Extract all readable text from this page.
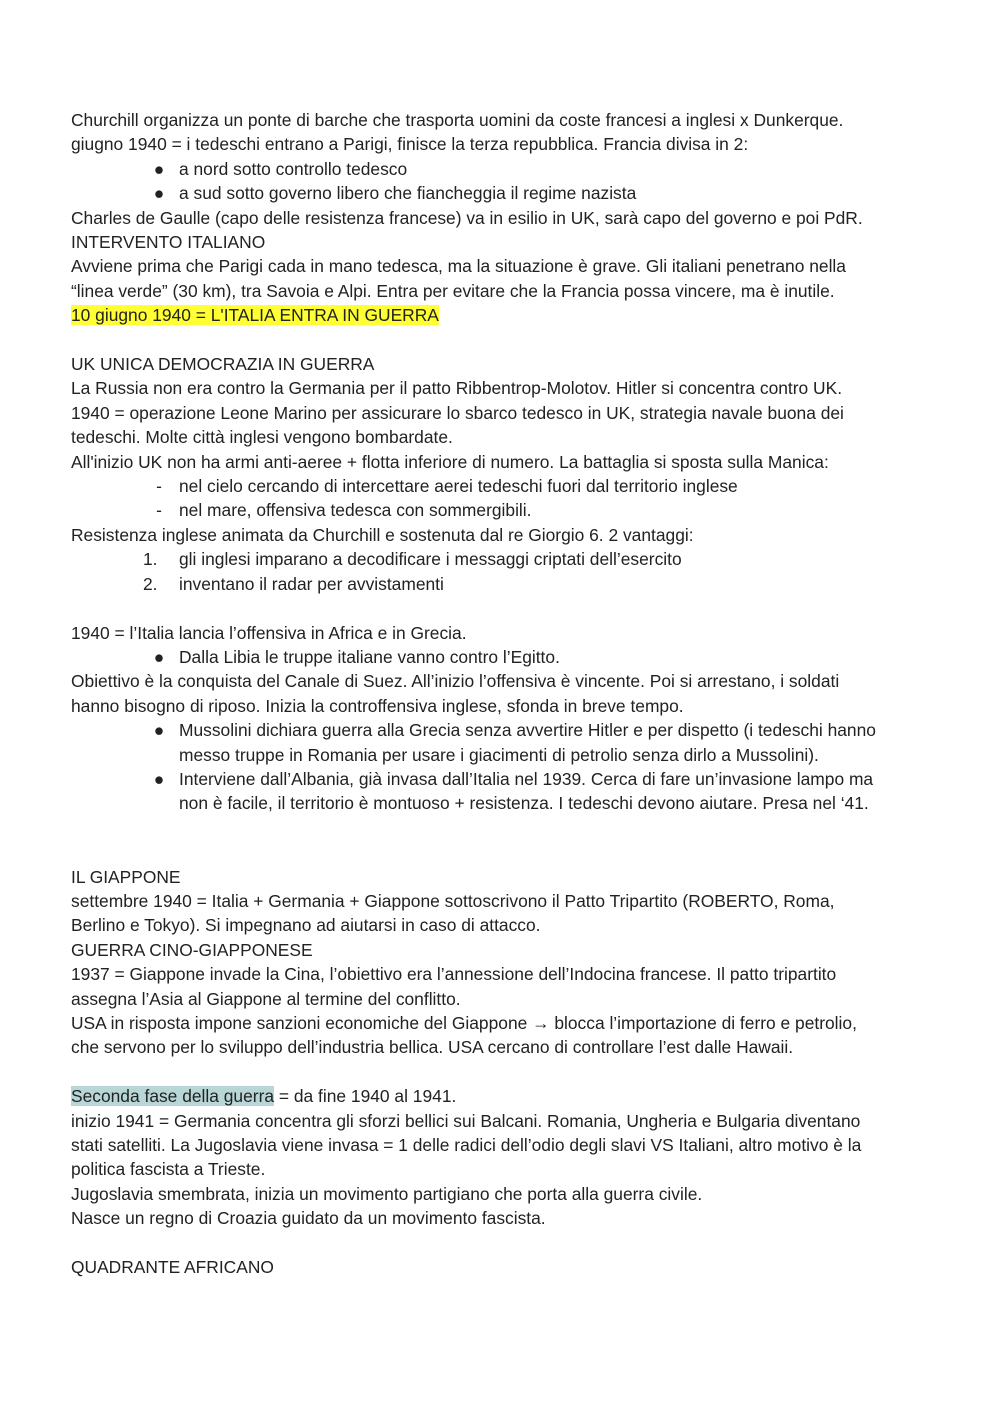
Churchill organizza un ponte di barche che trasporta uomini da coste francesi a inglesi x Dunkerque.
giugno 1940 = i tedeschi entrano a Parigi, finisce la terza repubblica. Francia divisa in 2:
● a nord sotto controllo tedesco
● a sud sotto governo libero che fiancheggia il regime nazista
Charles de Gaulle (capo delle resistenza francese) va in esilio in UK, sarà capo del governo e poi PdR.
INTERVENTO ITALIANO
Avviene prima che Parigi cada in mano tedesca, ma la situazione è grave. Gli italiani penetrano nella
“linea verde” (30 km), tra Savoia e Alpi. Entra per evitare che la Francia possa vincere, ma è inutile.
10 giugno 1940 = L'ITALIA ENTRA IN GUERRA
UK UNICA DEMOCRAZIA IN GUERRA
La Russia non era contro la Germania per il patto Ribbentrop-Molotov. Hitler si concentra contro UK.
1940 = operazione Leone Marino per assicurare lo sbarco tedesco in UK, strategia navale buona dei
tedeschi. Molte città inglesi vengono bombardate.
All'inizio UK non ha armi anti-aeree + flotta inferiore di numero. La battaglia si sposta sulla Manica:
- nel cielo cercando di intercettare aerei tedeschi fuori dal territorio inglese
- nel mare, offensiva tedesca con sommergibili.
Resistenza inglese animata da Churchill e sostenuta dal re Giorgio 6. 2 vantaggi:
1.	gli inglesi imparano a decodificare i messaggi criptati dell’esercito
2.	inventano il radar per avvistamenti
1940 = l’Italia lancia l’offensiva in Africa e in Grecia.
● Dalla Libia le truppe italiane vanno contro l’Egitto.
Obiettivo è la conquista del Canale di Suez. All’inizio l’offensiva è vincente. Poi si arrestano, i soldati
hanno bisogno di riposo. Inizia la controffensiva inglese, sfonda in breve tempo.
● Mussolini dichiara guerra alla Grecia senza avvertire Hitler e per dispetto (i tedeschi hanno
messo truppe in Romania per usare i giacimenti di petrolio senza dirlo a Mussolini).
● Interviene dall’Albania, già invasa dall’Italia nel 1939. Cerca di fare un’invasione lampo ma
non è facile, il territorio è montuoso + resistenza. I tedeschi devono aiutare. Presa nel ‘41.
IL GIAPPONE
settembre 1940 = Italia + Germania + Giappone sottoscrivono il Patto Tripartito (ROBERTO, Roma,
Berlino e Tokyo). Si impegnano ad aiutarsi in caso di attacco.
GUERRA CINO-GIAPPONESE
1937 = Giappone invade la Cina, l’obiettivo era l’annessione dell’Indocina francese. Il patto tripartito
assegna l’Asia al Giappone al termine del conflitto.
USA in risposta impone sanzioni economiche del Giappone → blocca l’importazione di ferro e petrolio,
che servono per lo sviluppo dell’industria bellica. USA cercano di controllare l’est dalle Hawaii.
Seconda fase della guerra = da fine 1940 al 1941.
inizio 1941 = Germania concentra gli sforzi bellici sui Balcani. Romania, Ungheria e Bulgaria diventano
stati satelliti. La Jugoslavia viene invasa = 1 delle radici dell’odio degli slavi VS Italiani, altro motivo è la
politica fascista a Trieste.
Jugoslavia smembrata, inizia un movimento partigiano che porta alla guerra civile.
Nasce un regno di Croazia guidato da un movimento fascista.
QUADRANTE AFRICANO
